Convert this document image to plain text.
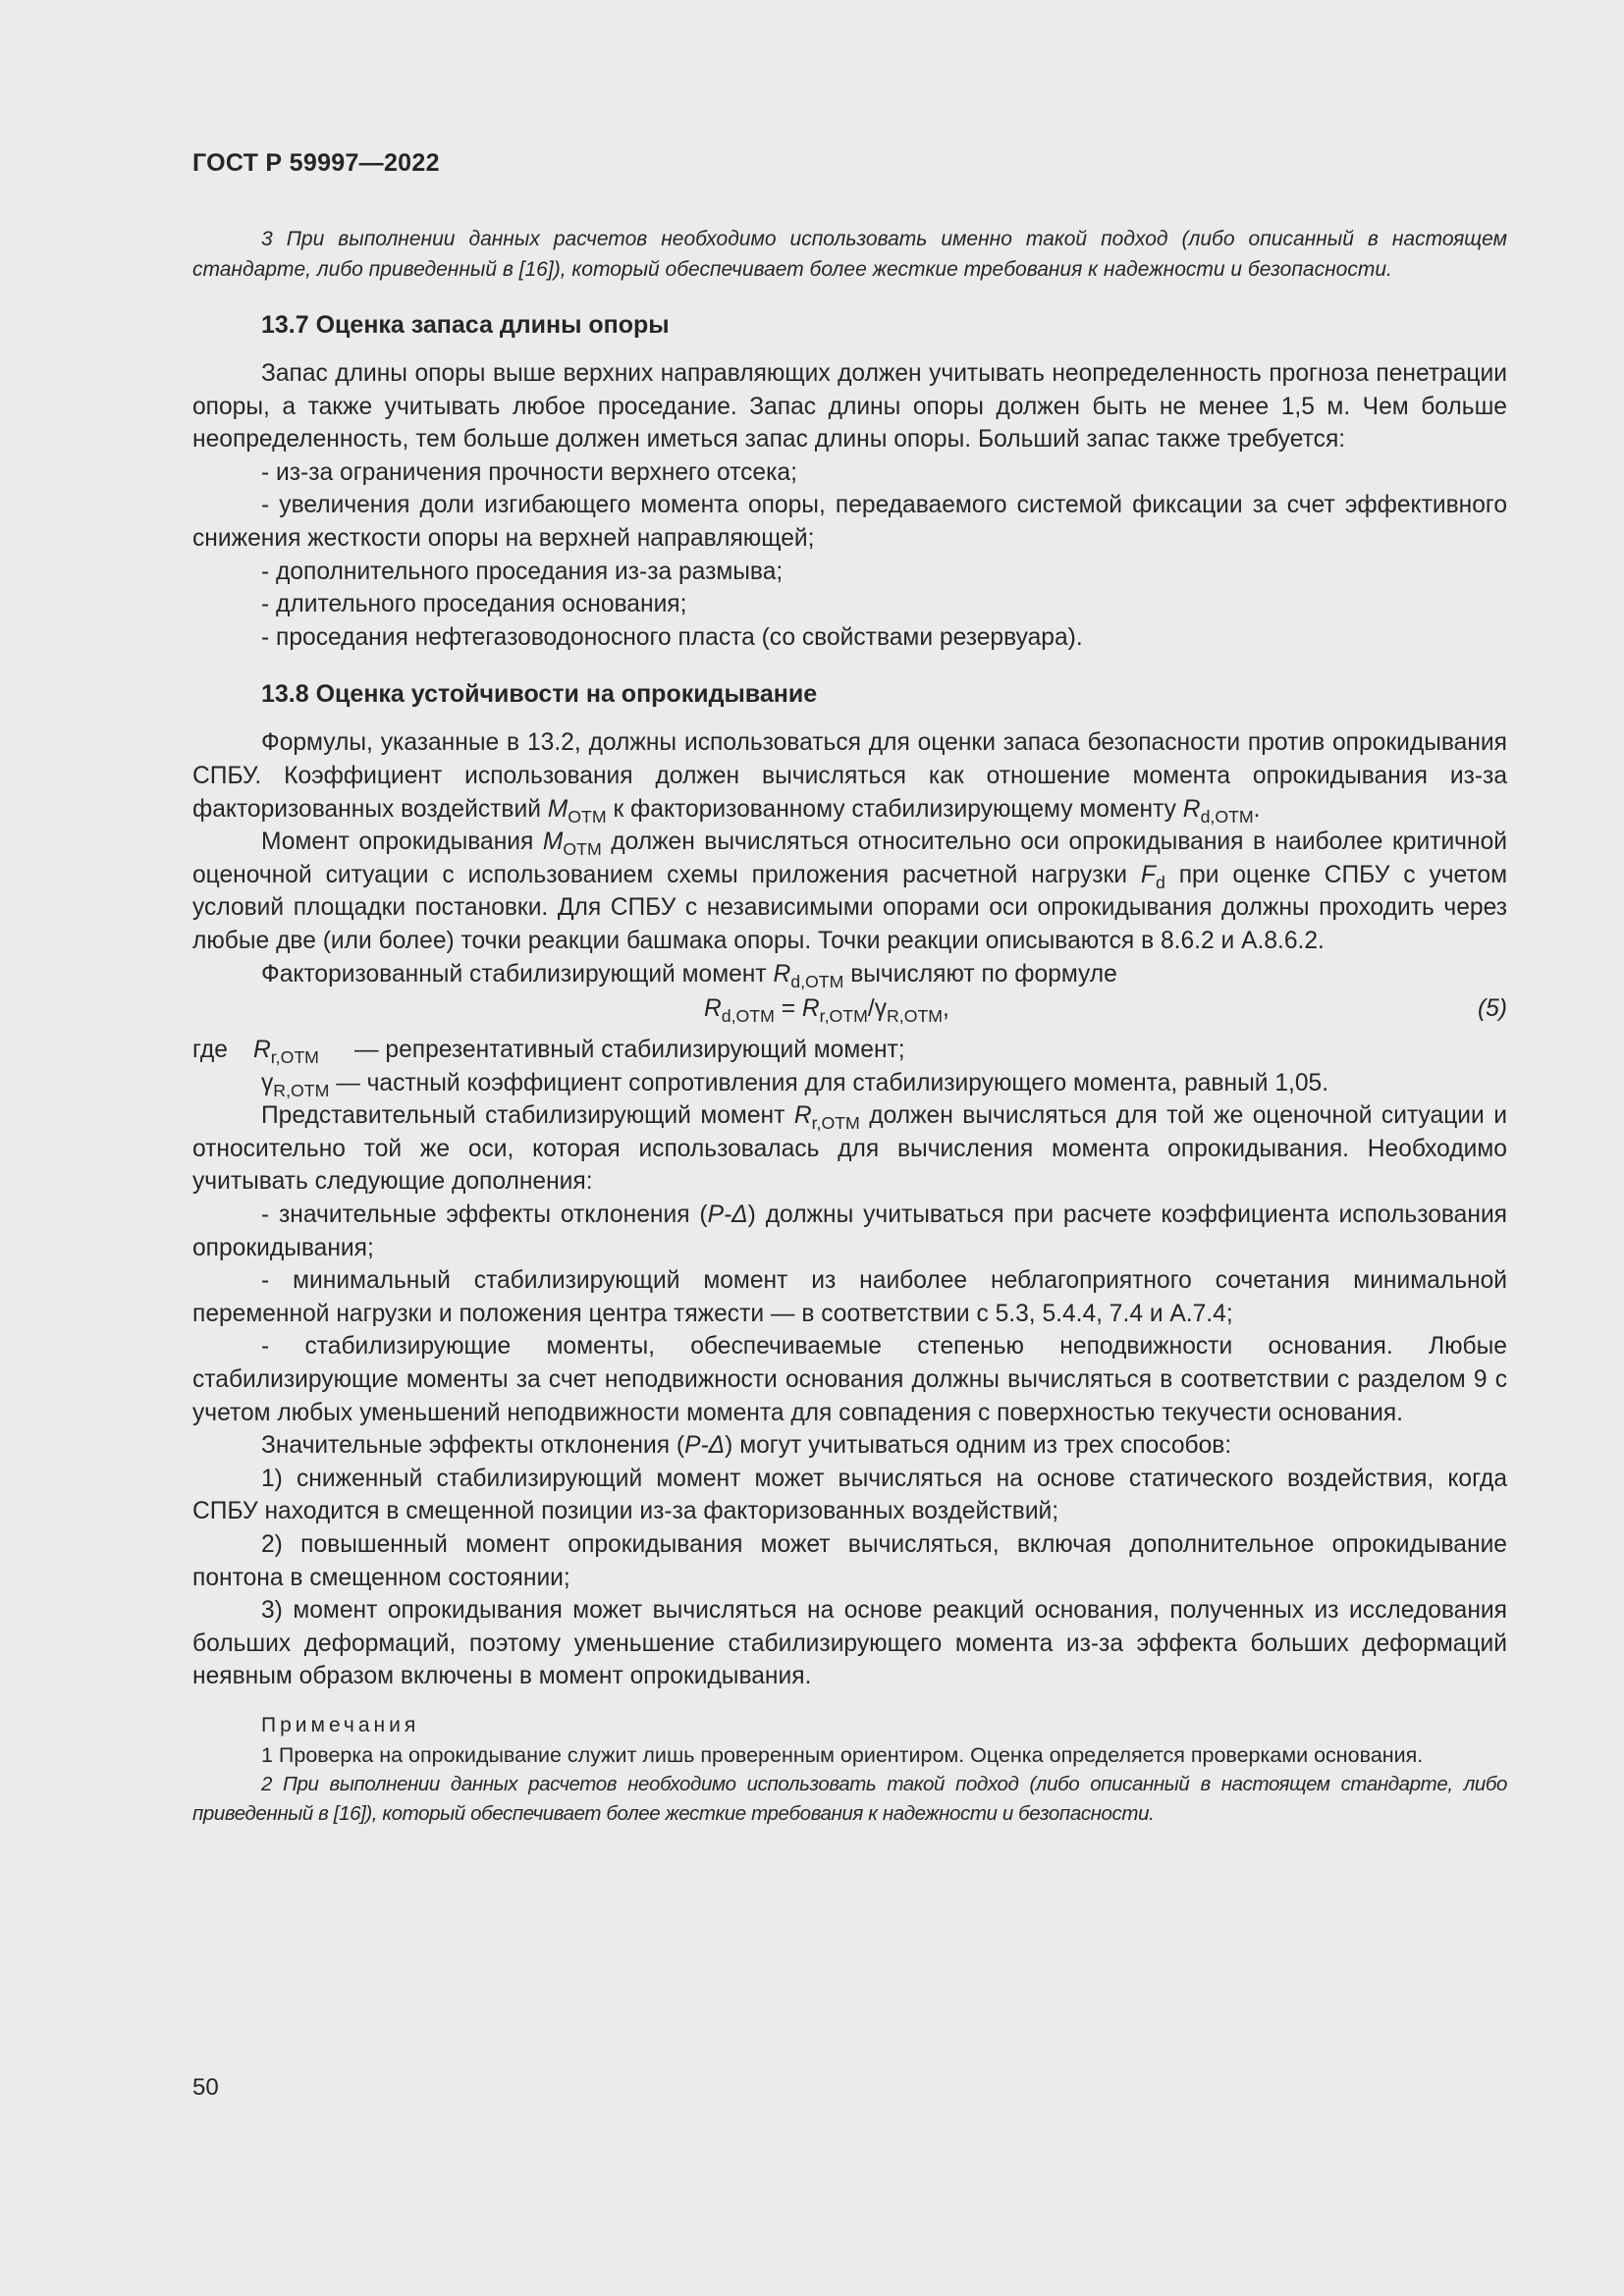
ГОСТ Р 59997—2022

3 При выполнении данных расчетов необходимо использовать именно такой подход (либо описанный в настоящем стандарте, либо приведенный в [16]), который обеспечивает более жесткие требования к надежности и безопасности.

13.7 Оценка запаса длины опоры

Запас длины опоры выше верхних направляющих должен учитывать неопределенность прогноза пенетрации опоры, а также учитывать любое проседание. Запас длины опоры должен быть не менее 1,5 м. Чем больше неопределенность, тем больше должен иметься запас длины опоры. Больший запас также требуется:

- из-за ограничения прочности верхнего отсека;

- увеличения доли изгибающего момента опоры, передаваемого системой фиксации за счет эффективного снижения жесткости опоры на верхней направляющей;

- дополнительного проседания из-за размыва;

- длительного проседания основания;

- проседания нефтегазоводоносного пласта (со свойствами резервуара).

13.8 Оценка устойчивости на опрокидывание

Формулы, указанные в 13.2, должны использоваться для оценки запаса безопасности против опрокидывания СПБУ. Коэффициент использования должен вычисляться как отношение момента опрокидывания из-за факторизованных воздействий $M_{OTM}$ к факторизованному стабилизирующему моменту $R_{d,OTM}$.

Момент опрокидывания $M_{OTM}$ должен вычисляться относительно оси опрокидывания в наиболее критичной оценочной ситуации с использованием схемы приложения расчетной нагрузки $F_d$ при оценке СПБУ с учетом условий площадки постановки. Для СПБУ с независимыми опорами оси опрокидывания должны проходить через любые две (или более) точки реакции башмака опоры. Точки реакции описываются в 8.6.2 и А.8.6.2.

Факторизованный стабилизирующий момент $R_{d,OTM}$ вычисляют по формуле

$R_{d,OTM} = R_{r,OTM}/\gamma_{R,OTM}$,	(5)

где $R_{r,OTM}$ — репрезентативный стабилизирующий момент;

$\gamma_{R,OTM}$ — частный коэффициент сопротивления для стабилизирующего момента, равный 1,05.

Представительный стабилизирующий момент $R_{r,OTM}$ должен вычисляться для той же оценочной ситуации и относительно той же оси, которая использовалась для вычисления момента опрокидывания. Необходимо учитывать следующие дополнения:

- значительные эффекты отклонения (P-Δ) должны учитываться при расчете коэффициента использования опрокидывания;

- минимальный стабилизирующий момент из наиболее неблагоприятного сочетания минимальной переменной нагрузки и положения центра тяжести — в соответствии с 5.3, 5.4.4, 7.4 и А.7.4;

- стабилизирующие моменты, обеспечиваемые степенью неподвижности основания. Любые стабилизирующие моменты за счет неподвижности основания должны вычисляться в соответствии с разделом 9 с учетом любых уменьшений неподвижности момента для совпадения с поверхностью текучести основания.

Значительные эффекты отклонения (P-Δ) могут учитываться одним из трех способов:

1) сниженный стабилизирующий момент может вычисляться на основе статического воздействия, когда СПБУ находится в смещенной позиции из-за факторизованных воздействий;

2) повышенный момент опрокидывания может вычисляться, включая дополнительное опрокидывание понтона в смещенном состоянии;

3) момент опрокидывания может вычисляться на основе реакций основания, полученных из исследования больших деформаций, поэтому уменьшение стабилизирующего момента из-за эффекта больших деформаций неявным образом включены в момент опрокидывания.

Примечания

1 Проверка на опрокидывание служит лишь проверенным ориентиром. Оценка определяется проверками основания.

2 При выполнении данных расчетов необходимо использовать такой подход (либо описанный в настоящем стандарте, либо приведенный в [16]), который обеспечивает более жесткие требования к надежности и безопасности.

50
